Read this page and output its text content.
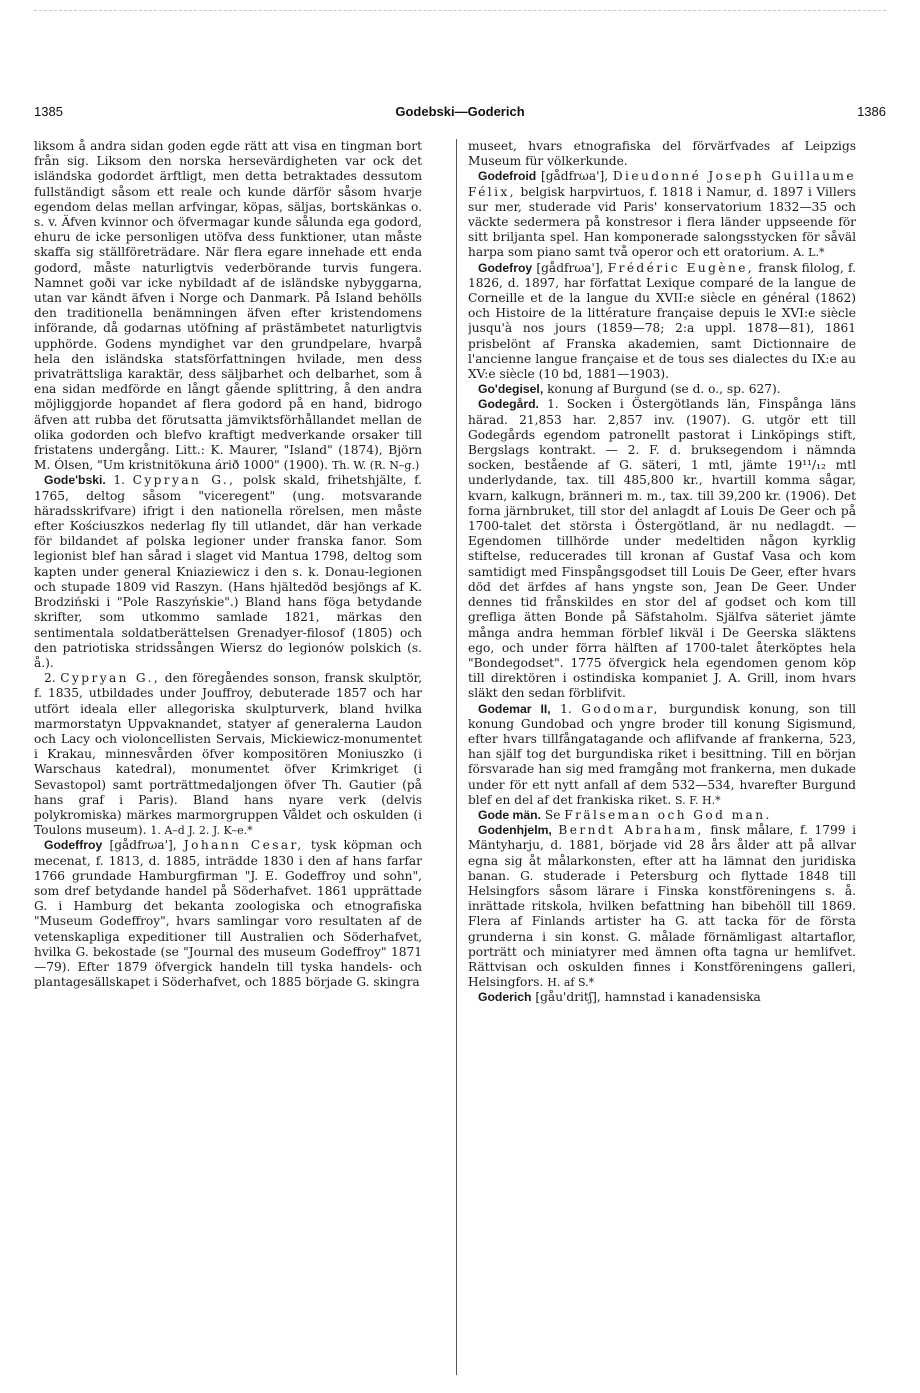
1385	Godebski—Goderich	1386

liksom å andra sidan goden egde rätt att visa en tingman bort från sig. Liksom den norska hersevärdigheten var ock det isländska godordet ärftligt, men detta betraktades dessutom fullständigt såsom ett reale och kunde därför såsom hvarje egendom delas mellan arfvingar, köpas, säljas, bortskänkas o. s. v. Äfven kvinnor och öfvermagar kunde sålunda ega godord, ehuru de icke personligen utöfva dess funktioner, utan måste skaffa sig ställföreträdare. När flera egare innehade ett enda godord, måste naturligtvis vederbörande turvis fungera. Namnet goði var icke nybildadt af de isländske nybyggarna, utan var kändt äfven i Norge och Danmark. På Island behölls den traditionella benämningen äfven efter kristendomens införande, då godarnas utöfning af prästämbetet naturligtvis upphörde. Godens myndighet var den grundpelare, hvarpå hela den isländska statsförfattningen hvilade, men dess privaträttsliga karaktär, dess säljbarhet och delbarhet, som å ena sidan medförde en långt gående splittring, å den andra möjliggjorde hopandet af flera godord på en hand, bidrogo äfven att rubba det förutsatta jämviktsförhållandet mellan de olika godorden och blefvo kraftigt medverkande orsaker till fristatens undergång. Litt.: K. Maurer, "Island" (1874), Björn M. Ólsen, "Um kristnitökuna árið 1000" (1900). Th. W. (R. N–g.)

Gode'bski. 1. Cypryan G., polsk skald, frihetshjälte, f. 1765, deltog såsom "viceregent" (ung. motsvarande häradsskrifvare) ifrigt i den nationella rörelsen, men måste efter Kościuszkos nederlag fly till utlandet, där han verkade för bildandet af polska legioner under franska fanor. Som legionist blef han sårad i slaget vid Mantua 1798, deltog som kapten under general Kniaziewicz i den s. k. Donau-legionen och stupade 1809 vid Raszyn. (Hans hjältedöd besjöngs af K. Brodziński i "Pole Raszyńskie".) Bland hans föga betydande skrifter, som utkommo samlade 1821, märkas den sentimentala soldatberättelsen Grenadyer-filosof (1805) och den patriotiska stridssången Wiersz do legionów polskich (s. å.).

2. Cypryan G., den föregåendes sonson, fransk skulptör, f. 1835, utbildades under Jouffroy, debuterade 1857 och har utfört ideala eller allegoriska skulpturverk, bland hvilka marmorstatyn Uppvaknandet, statyer af generalerna Laudon och Lacy och violoncellisten Servais, Mickiewicz-monumentet i Krakau, minnesvården öfver kompositören Moniuszko (i Warschaus katedral), monumentet öfver Krimkriget (i Sevastopol) samt porträttmedaljongen öfver Th. Gautier (på hans graf i Paris). Bland hans nyare verk (delvis polykromiska) märkes marmorgruppen Våldet och oskulden (i Toulons museum). 1. A–d J. 2. J. K–e.*

Godeffroy [gådfrωa'], Johann Cesar, tysk köpman och mecenat, f. 1813, d. 1885, inträdde 1830 i den af hans farfar 1766 grundade Hamburgfirman "J. E. Godeffroy und sohn", som dref betydande handel på Söderhafvet. 1861 upprättade G. i Hamburg det bekanta zoologiska och etnografiska "Museum Godeffroy", hvars samlingar voro resultaten af de vetenskapliga expeditioner till Australien och Söderhafvet, hvilka G. bekostade (se "Journal des museum Godeffroy" 1871—79). Efter 1879 öfvergick handeln till tyska handels- och plantagesällskapet i Söderhafvet, och 1885 började G. skingra

museet, hvars etnografiska del förvärfvades af Leipzigs Museum für völkerkunde.

Godefroid [gådfrωa'], Dieudonné Joseph Guillaume Félix, belgisk harpvirtuos, f. 1818 i Namur, d. 1897 i Villers sur mer, studerade vid Paris' konservatorium 1832—35 och väckte sedermera på konstresor i flera länder uppseende för sitt briljanta spel. Han komponerade salongsstycken för såväl harpa som piano samt två operor och ett oratorium. A. L.*

Godefroy [gådfrωa'], Frédéric Eugène, fransk filolog, f. 1826, d. 1897, har författat Lexique comparé de la langue de Corneille et de la langue du XVII:e siècle en général (1862) och Histoire de la littérature française depuis le XVI:e siècle jusqu'à nos jours (1859—78; 2:a uppl. 1878—81), 1861 prisbelönt af Franska akademien, samt Dictionnaire de l'ancienne langue française et de tous ses dialectes du IX:e au XV:e siècle (10 bd, 1881—1903).

Go'degisel, konung af Burgund (se d. o., sp. 627).

Godegård. 1. Socken i Östergötlands län, Finspånga läns härad. 21,853 har. 2,857 inv. (1907). G. utgör ett till Godegårds egendom patronellt pastorat i Linköpings stift, Bergslags kontrakt. — 2. F. d. bruksegendom i nämnda socken, bestående af G. säteri, 1 mtl, jämte 19¹¹/₁₂ mtl underlydande, tax. till 485,800 kr., hvartill komma sågar, kvarn, kalkugn, bränneri m. m., tax. till 39,200 kr. (1906). Det forna järnbruket, till stor del anlagdt af Louis De Geer och på 1700-talet det största i Östergötland, är nu nedlagdt. — Egendomen tillhörde under medeltiden någon kyrklig stiftelse, reducerades till kronan af Gustaf Vasa och kom samtidigt med Finspångsgodset till Louis De Geer, efter hvars död det ärfdes af hans yngste son, Jean De Geer. Under dennes tid frånskildes en stor del af godset och kom till grefliga ätten Bonde på Säfstaholm. Själfva säteriet jämte många andra hemman förblef likväl i De Geerska släktens ego, och under förra hälften af 1700-talet återköptes hela "Bondegodset". 1775 öfvergick hela egendomen genom köp till direktören i ostindiska kompaniet J. A. Grill, inom hvars släkt den sedan förblifvit.

Godemar II, 1. Godomar, burgundisk konung, son till konung Gundobad och yngre broder till konung Sigismund, efter hvars tillfångatagande och aflifvande af frankerna, 523, han själf tog det burgundiska riket i besittning. Till en början försvarade han sig med framgång mot frankerna, men dukade under för ett nytt anfall af dem 532—534, hvarefter Burgund blef en del af det frankiska riket. S. F. H.*

Gode män. Se Frälseman och God man.

Godenhjelm, Berndt Abraham, finsk målare, f. 1799 i Mäntyharju, d. 1881, började vid 28 års ålder att på allvar egna sig åt målarkonsten, efter att ha lämnat den juridiska banan. G. studerade i Petersburg och flyttade 1848 till Helsingfors såsom lärare i Finska konstföreningens s. å. inrättade ritskola, hvilken befattning han bibehöll till 1869. Flera af Finlands artister ha G. att tacka för de första grunderna i sin konst. G. målade förnämligast altartaflor, porträtt och miniatyrer med ämnen ofta tagna ur hemlifvet. Rättvisan och oskulden finnes i Konstföreningens galleri, Helsingfors. H. af S.*

Goderich [gåu'dritʃ], hamnstad i kanadensiska
